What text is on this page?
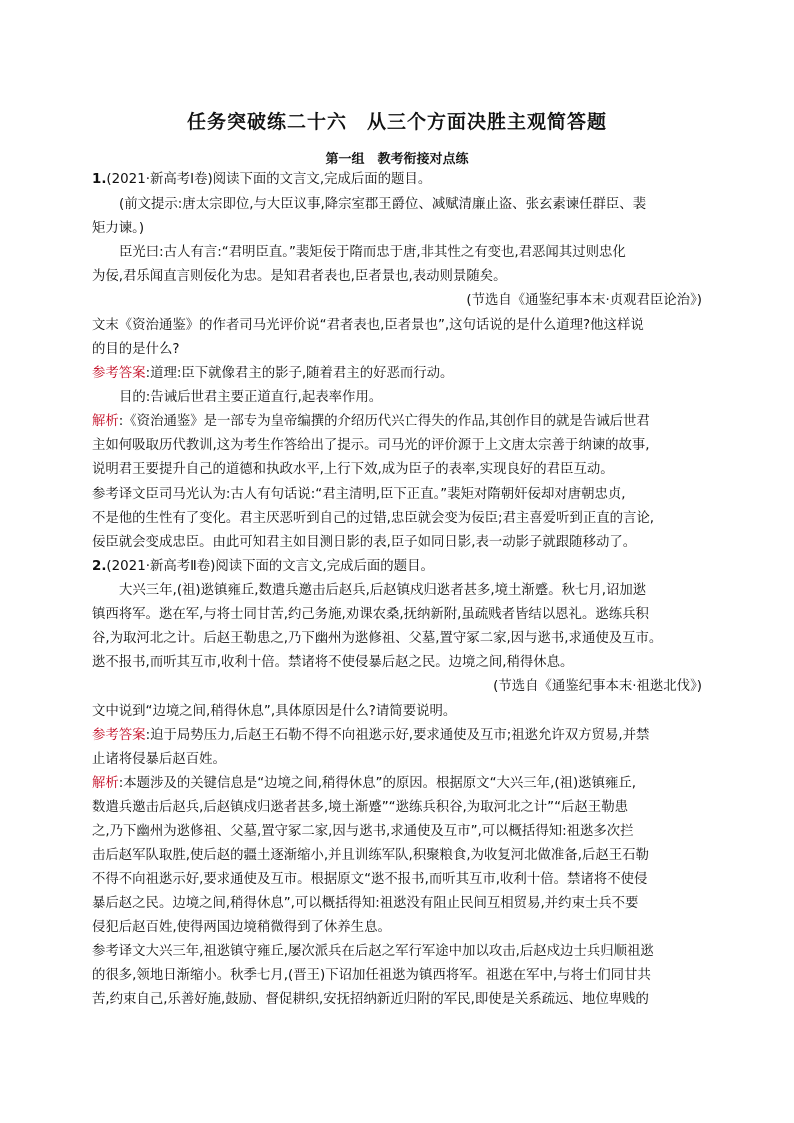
任务突破练二十六　从三个方面决胜主观简答题
第一组　教考衔接对点练
1.(2021·新高考Ⅰ卷)阅读下面的文言文,完成后面的题目。
(前文提示:唐太宗即位,与大臣议事,降宗室郡王爵位、减赋清廉止盗、张玄素谏任群臣、裴
矩力谏。)
臣光曰:古人有言:“君明臣直。”裴矩佞于隋而忠于唐,非其性之有变也,君恶闻其过则忠化
为佞,君乐闻直言则佞化为忠。是知君者表也,臣者景也,表动则景随矣。
(节选自《通鉴纪事本末·贞观君臣论治》)
文末《资治通鉴》的作者司马光评价说“君者表也,臣者景也”,这句话说的是什么道理?他这样说
的目的是什么?
参考答案:道理:臣下就像君主的影子,随着君主的好恶而行动。
目的:告诫后世君主要正道直行,起表率作用。
解析:《资治通鉴》是一部专为皇帝编撰的介绍历代兴亡得失的作品,其创作目的就是告诫后世君
主如何吸取历代教训,这为考生作答给出了提示。司马光的评价源于上文唐太宗善于纳谏的故事,
说明君王要提升自己的道德和执政水平,上行下效,成为臣子的表率,实现良好的君臣互动。
参考译文臣司马光认为:古人有句话说:“君主清明,臣下正直。”裴矩对隋朝奸佞却对唐朝忠贞,
不是他的生性有了变化。君主厌恶听到自己的过错,忠臣就会变为佞臣;君主喜爱听到正直的言论,
佞臣就会变成忠臣。由此可知君主如目测日影的表,臣子如同日影,表一动影子就跟随移动了。
2.(2021·新高考Ⅱ卷)阅读下面的文言文,完成后面的题目。
大兴三年,(祖)逖镇雍丘,数遣兵邀击后赵兵,后赵镇戍归逖者甚多,境土渐蹙。秋七月,诏加逖
镇西将军。逖在军,与将士同甘苦,约己务施,劝课农桑,抚纳新附,虽疏贱者皆结以恩礼。逖练兵积
谷,为取河北之计。后赵王勒患之,乃下幽州为逖修祖、父墓,置守冢二家,因与逖书,求通使及互市。
逖不报书,而听其互市,收利十倍。禁诸将不使侵暴后赵之民。边境之间,稍得休息。
(节选自《通鉴纪事本末·祖逖北伐》)
文中说到“边境之间,稍得休息”,具体原因是什么?请简要说明。
参考答案:迫于局势压力,后赵王石勒不得不向祖逖示好,要求通使及互市;祖逖允许双方贸易,并禁
止诸将侵暴后赵百姓。
解析:本题涉及的关键信息是“边境之间,稍得休息”的原因。根据原文“大兴三年,(祖)逖镇雍丘,
数遣兵邀击后赵兵,后赵镇戍归逖者甚多,境土渐蹙”“逖练兵积谷,为取河北之计”“后赵王勒患
之,乃下幽州为逖修祖、父墓,置守冢二家,因与逖书,求通使及互市”,可以概括得知:祖逖多次拦
击后赵军队取胜,使后赵的疆土逐渐缩小,并且训练军队,积聚粮食,为收复河北做准备,后赵王石勒
不得不向祖逖示好,要求通使及互市。根据原文“逖不报书,而听其互市,收利十倍。禁诸将不使侵
暴后赵之民。边境之间,稍得休息”,可以概括得知:祖逖没有阻止民间互相贸易,并约束士兵不要
侵犯后赵百姓,使得两国边境稍微得到了休养生息。
参考译文大兴三年,祖逖镇守雍丘,屡次派兵在后赵之军行军途中加以攻击,后赵戍边士兵归顺祖逖
的很多,领地日渐缩小。秋季七月,(晋王)下诏加任祖逖为镇西将军。祖逖在军中,与将士们同甘共
苦,约束自己,乐善好施,鼓励、督促耕织,安抚招纳新近归附的军民,即使是关系疏远、地位卑贱的
